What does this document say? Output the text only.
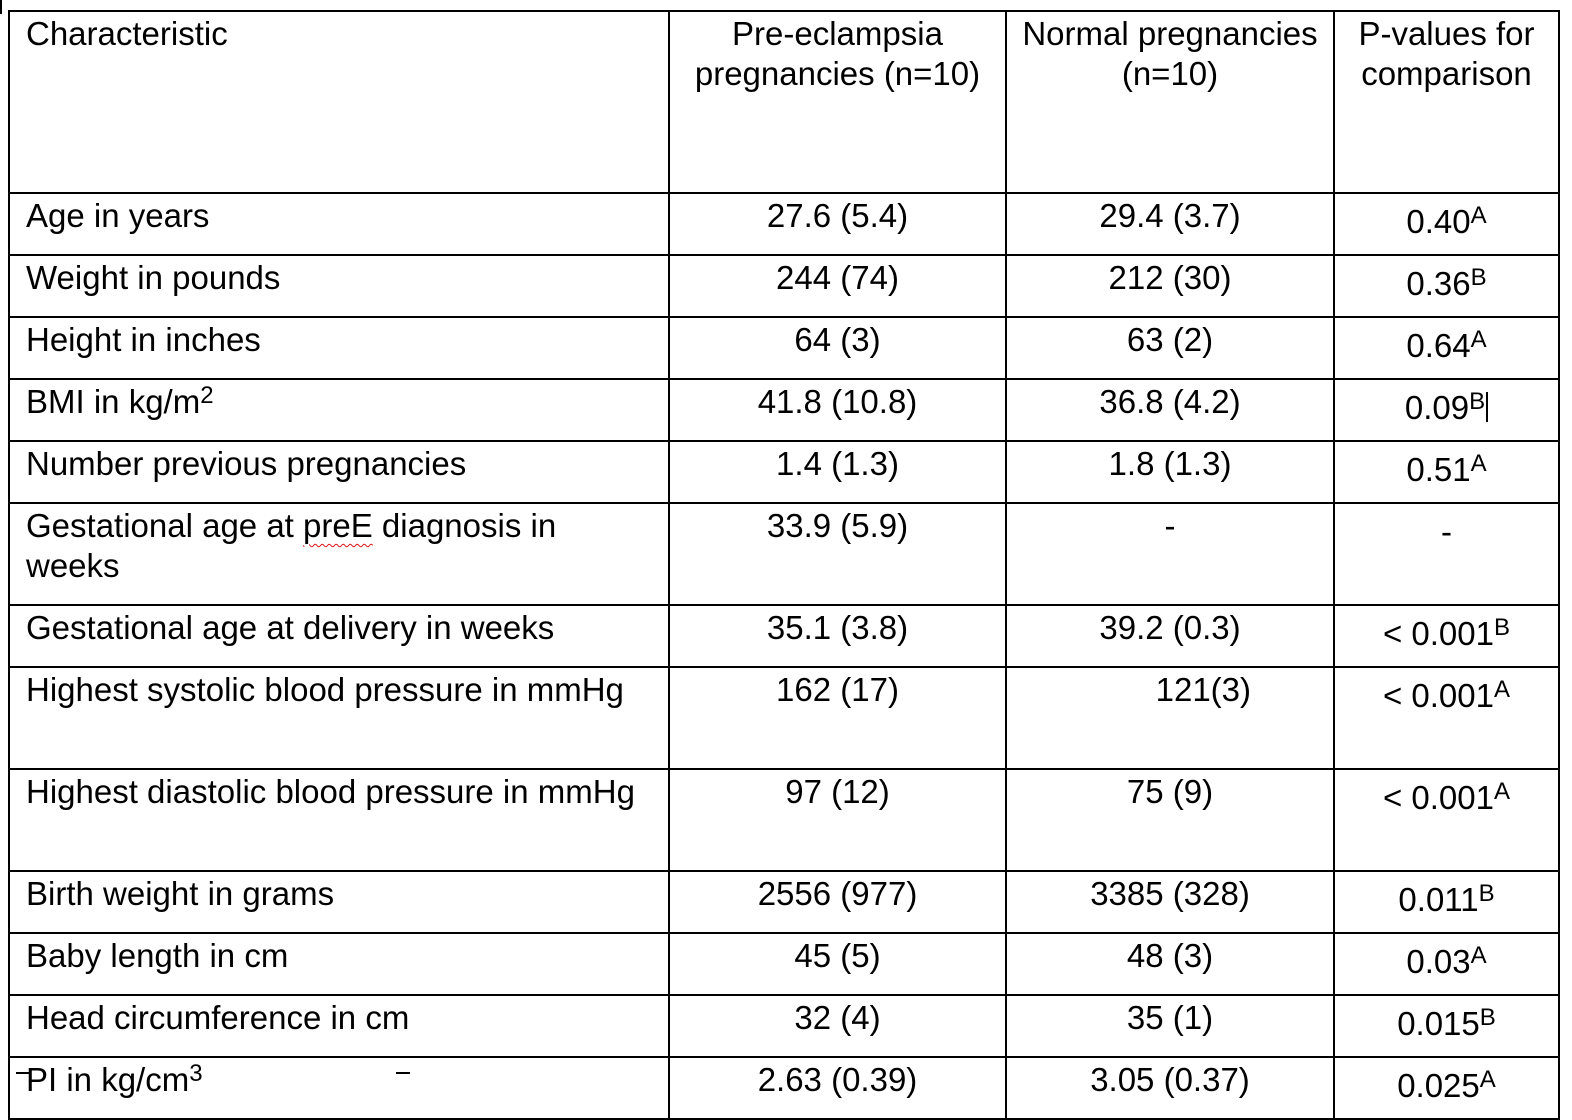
Characteristic	Pre-eclampsia pregnancies (n=10)	Normal pregnancies (n=10)	P-values for comparison
Age in years	27.6 (5.4)	29.4 (3.7)	$0.40^A$
Weight in pounds	244 (74)	212 (30)	$0.36^B$
Height in inches	64 (3)	63 (2)	$0.64^A$
BMI in $kg/m^2$	41.8 (10.8)	36.8 (4.2)	$0.09^B$
Number previous pregnancies	1.4 (1.3)	1.8 (1.3)	$0.51^A$
Gestational age at preE diagnosis in weeks	33.9 (5.9)	-	-
Gestational age at delivery in weeks	35.1 (3.8)	39.2 (0.3)	< $0.001^B$
Highest systolic blood pressure in mmHg	162 (17)	121(3)	< $0.001^A$
Highest diastolic blood pressure in mmHg	97 (12)	75 (9)	< $0.001^A$
Birth weight in grams	2556 (977)	3385 (328)	$0.011^B$
Baby length in cm	45 (5)	48 (3)	$0.03^A$
Head circumference in cm	32 (4)	35 (1)	$0.015^B$
PI in $kg/cm^3$	2.63 (0.39)	3.05 (0.37)	$0.025^A$
